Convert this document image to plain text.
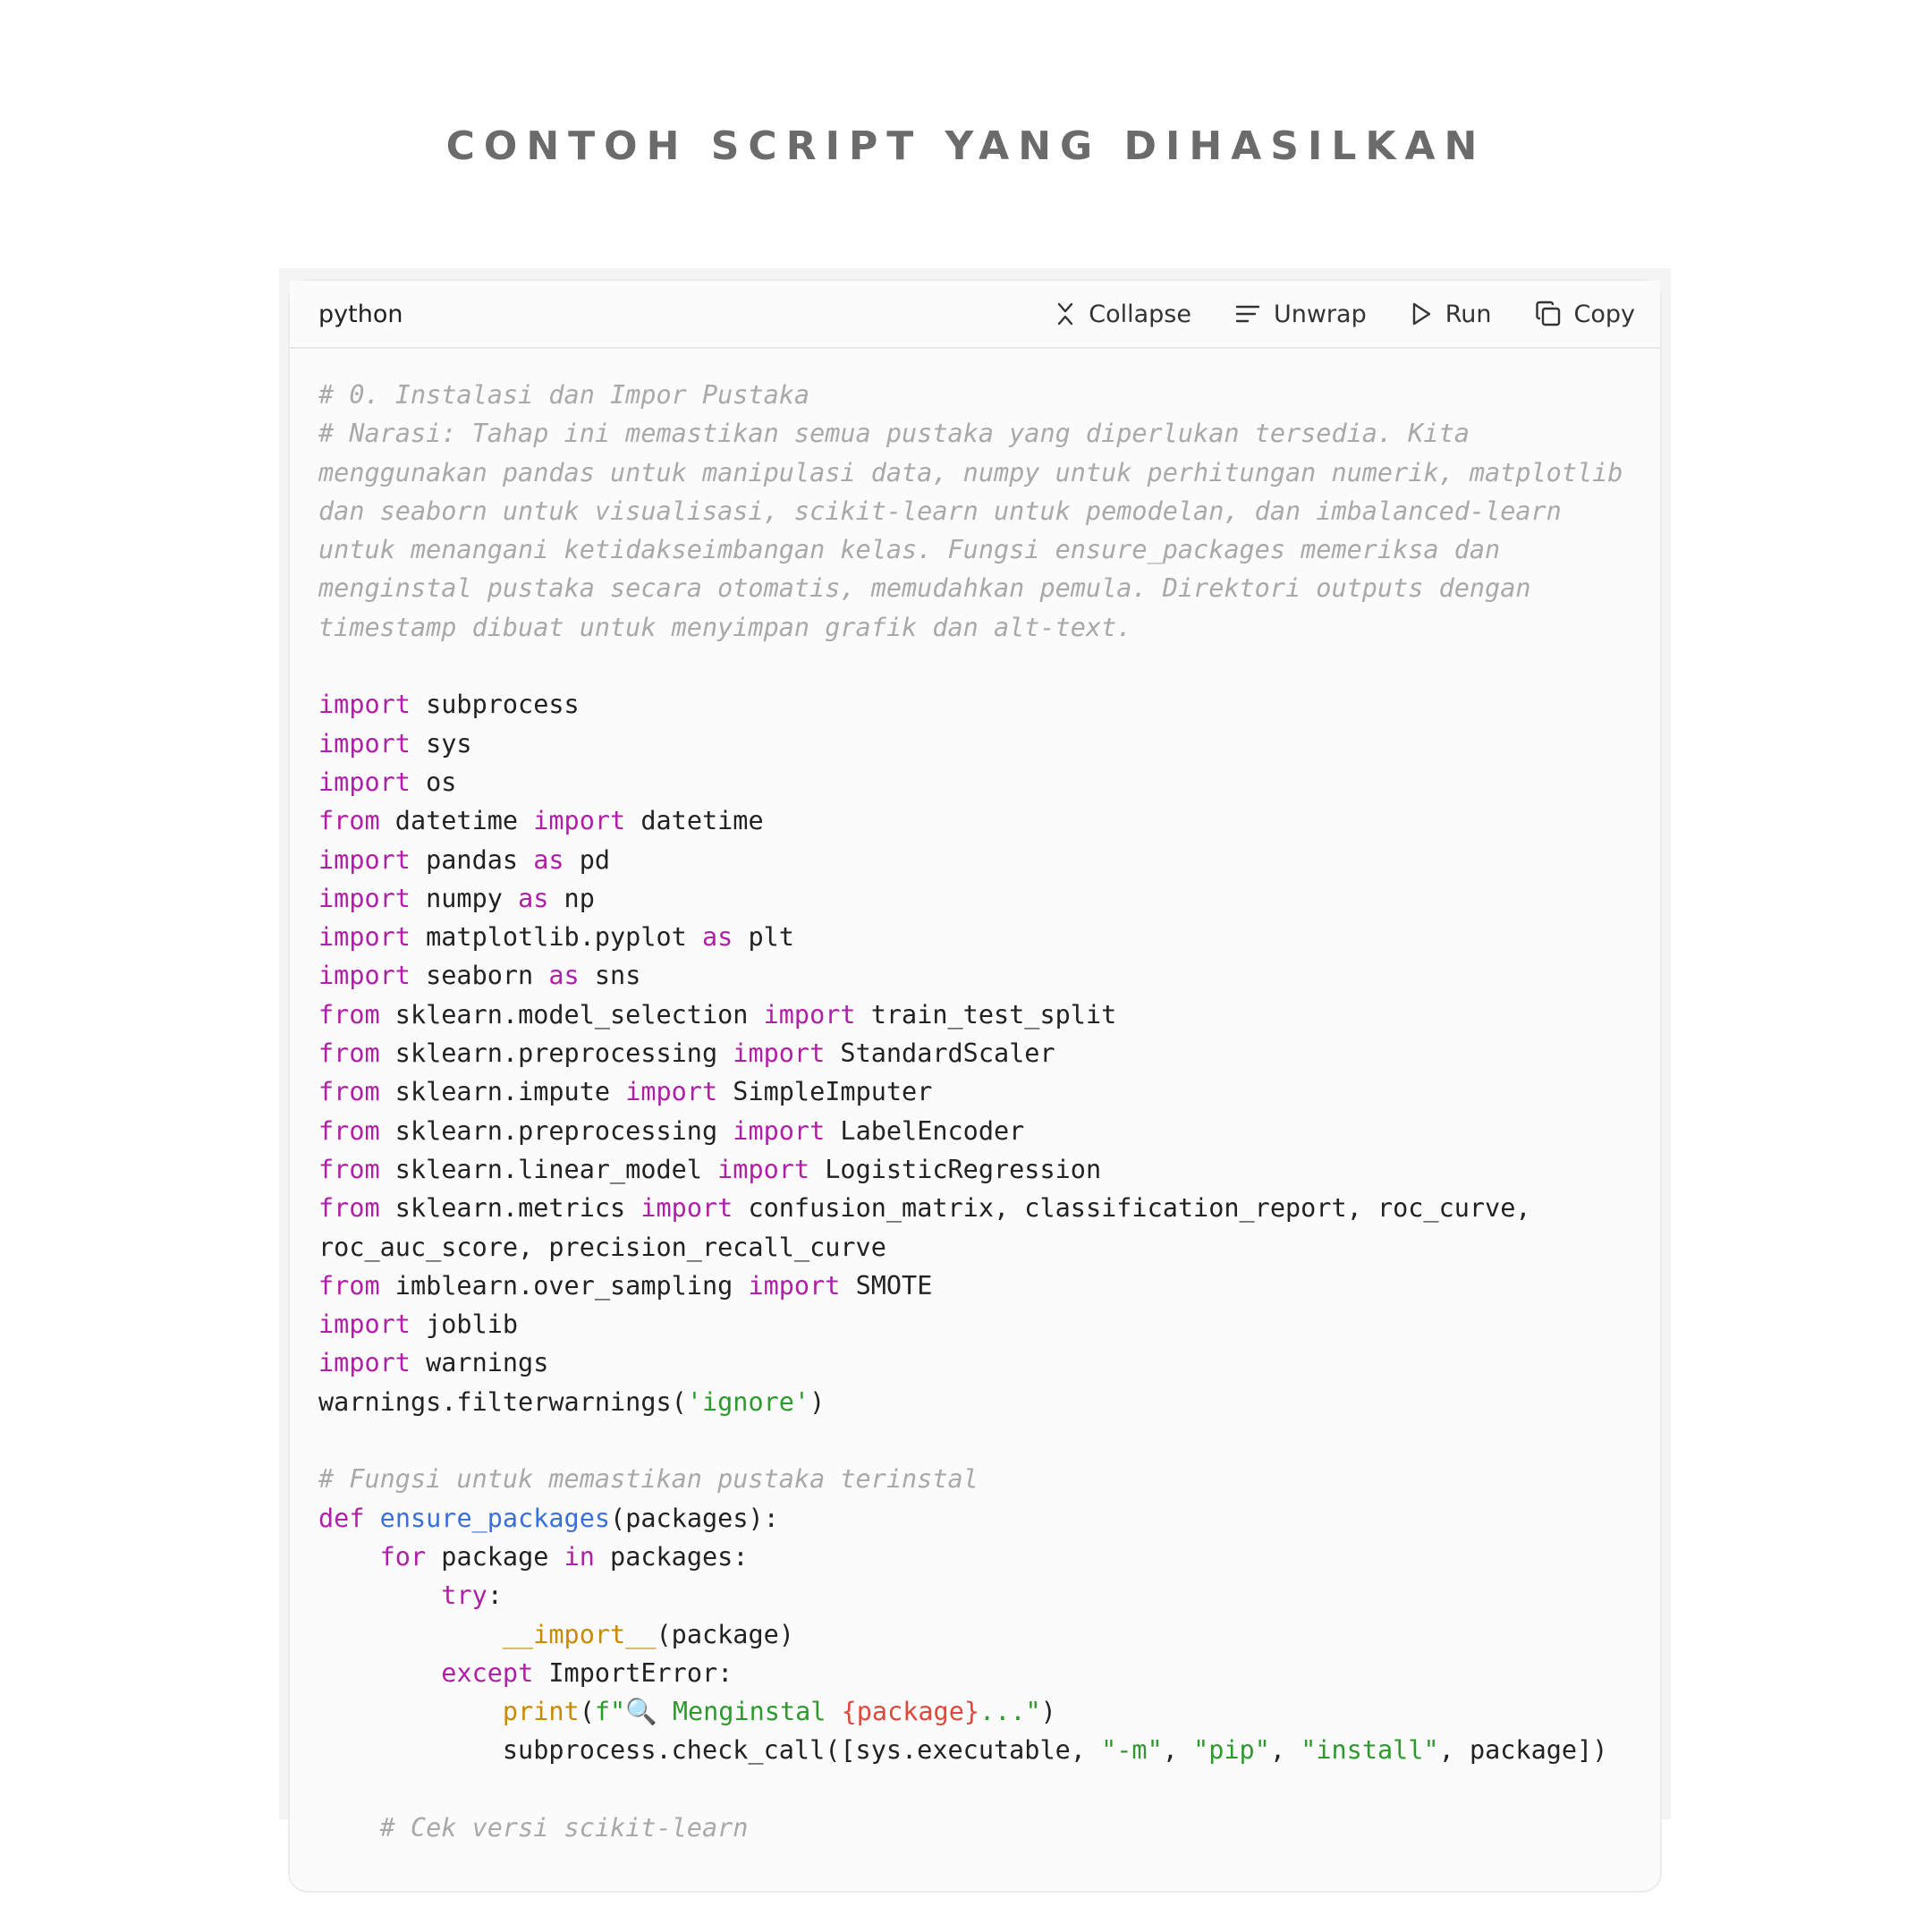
CONTOH SCRIPT YANG DIHASILKAN
python	Collapse	Unwrap	Run	Copy
# 0. Instalasi dan Impor Pustaka
# Narasi: Tahap ini memastikan semua pustaka yang diperlukan tersedia. Kita
menggunakan pandas untuk manipulasi data, numpy untuk perhitungan numerik, matplotlib
dan seaborn untuk visualisasi, scikit-learn untuk pemodelan, dan imbalanced-learn
untuk menangani ketidakseimbangan kelas. Fungsi ensure_packages memeriksa dan
menginstal pustaka secara otomatis, memudahkan pemula. Direktori outputs dengan
timestamp dibuat untuk menyimpan grafik dan alt-text.
import subprocess
import sys
import os
from datetime import datetime
import pandas as pd
import numpy as np
import matplotlib.pyplot as plt
import seaborn as sns
from sklearn.model_selection import train_test_split
from sklearn.preprocessing import StandardScaler
from sklearn.impute import SimpleImputer
from sklearn.preprocessing import LabelEncoder
from sklearn.linear_model import LogisticRegression
from sklearn.metrics import confusion_matrix, classification_report, roc_curve,
roc_auc_score, precision_recall_curve
from imblearn.over_sampling import SMOTE
import joblib
import warnings
warnings.filterwarnings('ignore')
# Fungsi untuk memastikan pustaka terinstal
def ensure_packages(packages):
for package in packages:
try:
__import__(package)
except ImportError:
print(f"🔍 Menginstal {package}...")
subprocess.check_call([sys.executable, "-m", "pip", "install", package])
# Cek versi scikit-learn
